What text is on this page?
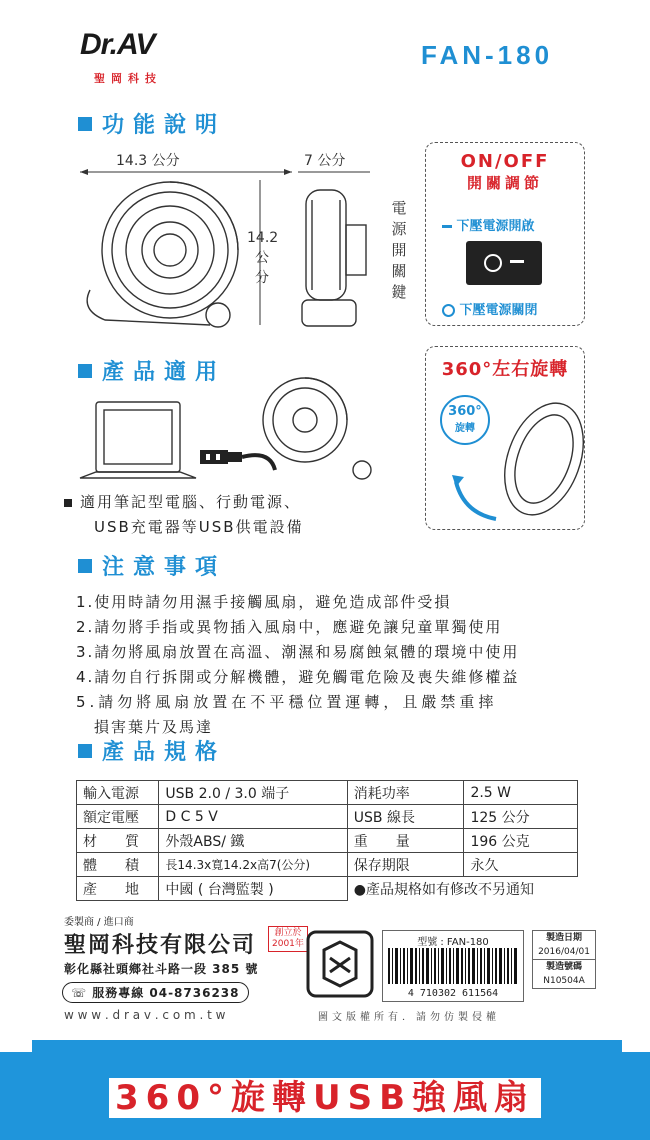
Dr.AV
聖岡科技
FAN-180
功能說明
14.3 公分	7 公分
14.2
公
分
電
源
開
關
鍵
ON/OFF
開關調節
下壓電源開啟
下壓電源關閉
產品適用	360°左右旋轉
360°
旋轉
適用筆記型電腦、行動電源、
USB充電器等USB供電設備
注意事項
1.使用時請勿用濕手接觸風扇，避免造成部件受損
2.請勿將手指或異物插入風扇中，應避免讓兒童單獨使用
3.請勿將風扇放置在高溫、潮濕和易腐蝕氣體的環境中使用
4.請勿自行拆開或分解機體，避免觸電危險及喪失維修權益
5.請勿將風扇放置在不平穩位置運轉，且嚴禁重摔
損害葉片及馬達
產品規格
輸入電源	USB 2.0 / 3.0 端子	消耗功率	2.5 W
額定電壓	D C 5 V	USB 線長	125 公分
材　　質	外殼ABS/ 鐵	重　　量	196 公克
體　　積	長14.3x寬14.2x高7(公分)	保存期限	永久
產　　地	中國 ( 台灣監製 )	●產品規格如有修改不另通知	
委製商 / 進口商
聖岡科技有限公司 創立於
2001年
彰化縣社頭鄉社斗路一段 385 號
☏ 服務專線 04-8736238
w w w . d r a v . c o m . t w	圖文版權所有．請勿仿製侵權
型號 : FAN-180
4 710302 611564
製造日期
2016/04/01
製造號碼
N10504A
360°旋轉USB強風扇
